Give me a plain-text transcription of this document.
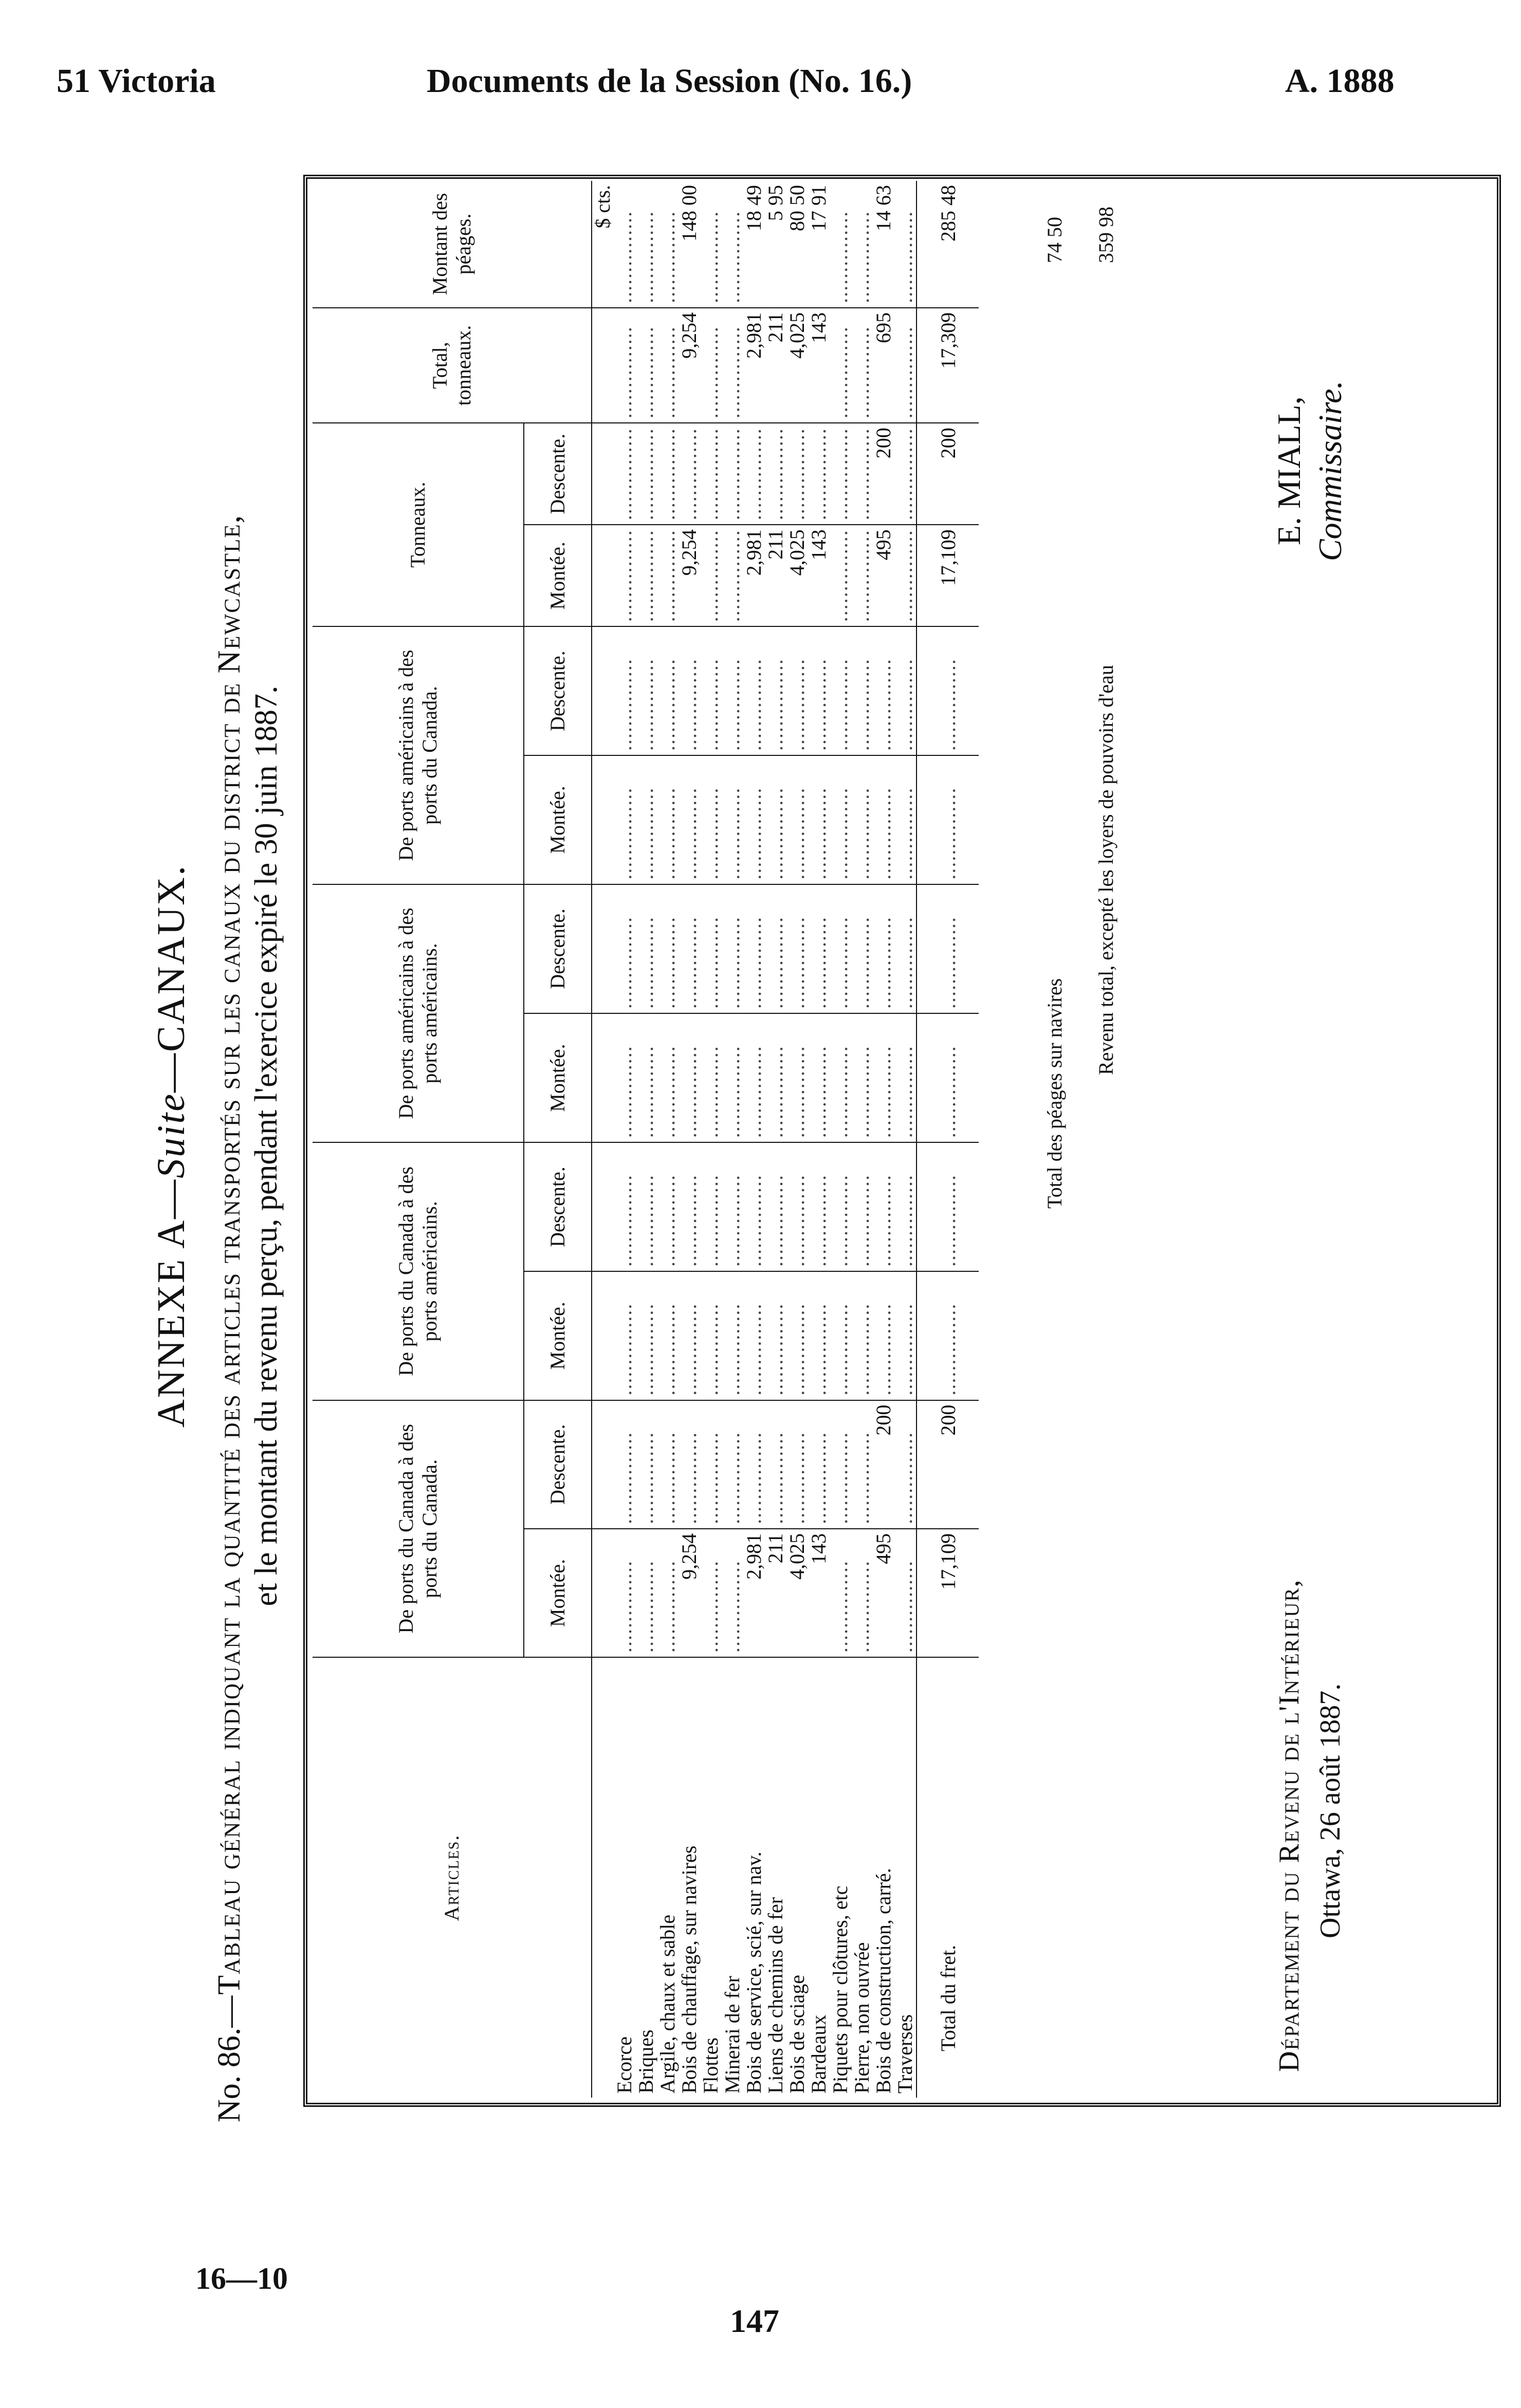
51 Victoria	Documents de la Session (No. 16.)	A. 1888
ANNEXE A—Suite—CANAUX.
No. 86.—Tableau général indiquant la quantité des articles transportés sur les canaux du district de Newcastle, et le montant du revenu perçu, pendant l'exercice expiré le 30 juin 1887.
Articles.	De ports du Canada à des ports du Canada.		De ports du Canada à des ports américains.		De ports américains à des ports américains.		De ports américains à des ports du Canada.		Tonneaux.		Total, tonneaux.	Montant des péages.
	Montée.	Descente.	Montée.	Descente.	Montée.	Descente.	Montée.	Descente.	Montée.	Descente.		
												$ cts.
Ecorce	.....	.....	.....	.....	.....	.....	.....	.....	.....	.....	.....	.....
Briques	.....	.....	.....	.....	.....	.....	.....	.....	.....	.....	.....	.....
Argile, chaux et sable	.....	.....	.....	.....	.....	.....	.....	.....	.....	.....	.....	.....
Bois de chauffage, sur navires	9,254	.....	.....	.....	.....	.....	.....	.....	9,254	.....	9,254	148 00
Flottes	.....	.....	.....	.....	.....	.....	.....	.....	.....	.....	.....	.....
Minerai de fer	.....	.....	.....	.....	.....	.....	.....	.....	.....	.....	.....	.....
Bois de service, scié, sur nav.	2,981	.....	.....	.....	.....	.....	.....	.....	2,981	.....	2,981	18 49
Liens de chemins de fer	211	.....	.....	.....	.....	.....	.....	.....	211	.....	211	5 95
Bois de sciage	4,025	.....	.....	.....	.....	.....	.....	.....	4,025	.....	4,025	80 50
Bardeaux	143	.....	.....	.....	.....	.....	.....	.....	143	.....	143	17 91
Piquets pour clôtures, etc	.....	.....	.....	.....	.....	.....	.....	.....	.....	.....	.....	.....
Pierre, non ouvrée	.....	.....	.....	.....	.....	.....	.....	.....	.....	.....	.....	.....
Bois de construction, carré.	495	200	.....	.....	.....	.....	.....	.....	495	200	695	14 63
Traverses	.....	.....	.....	.....	.....	.....	.....	.....	.....	.....	.....	.....
Total du fret.	17,109	200	.....	.....	.....	.....	.....	.....	17,109	200	17,309	285 48
Total des péages sur navires
74 50
Revenu total, excepté les loyers de pouvoirs d'eau
359 98
Département du Revenu de l'Intérieur, Ottawa, 26 août 1887.
E. MIALL, Commissaire.
16—10
147
